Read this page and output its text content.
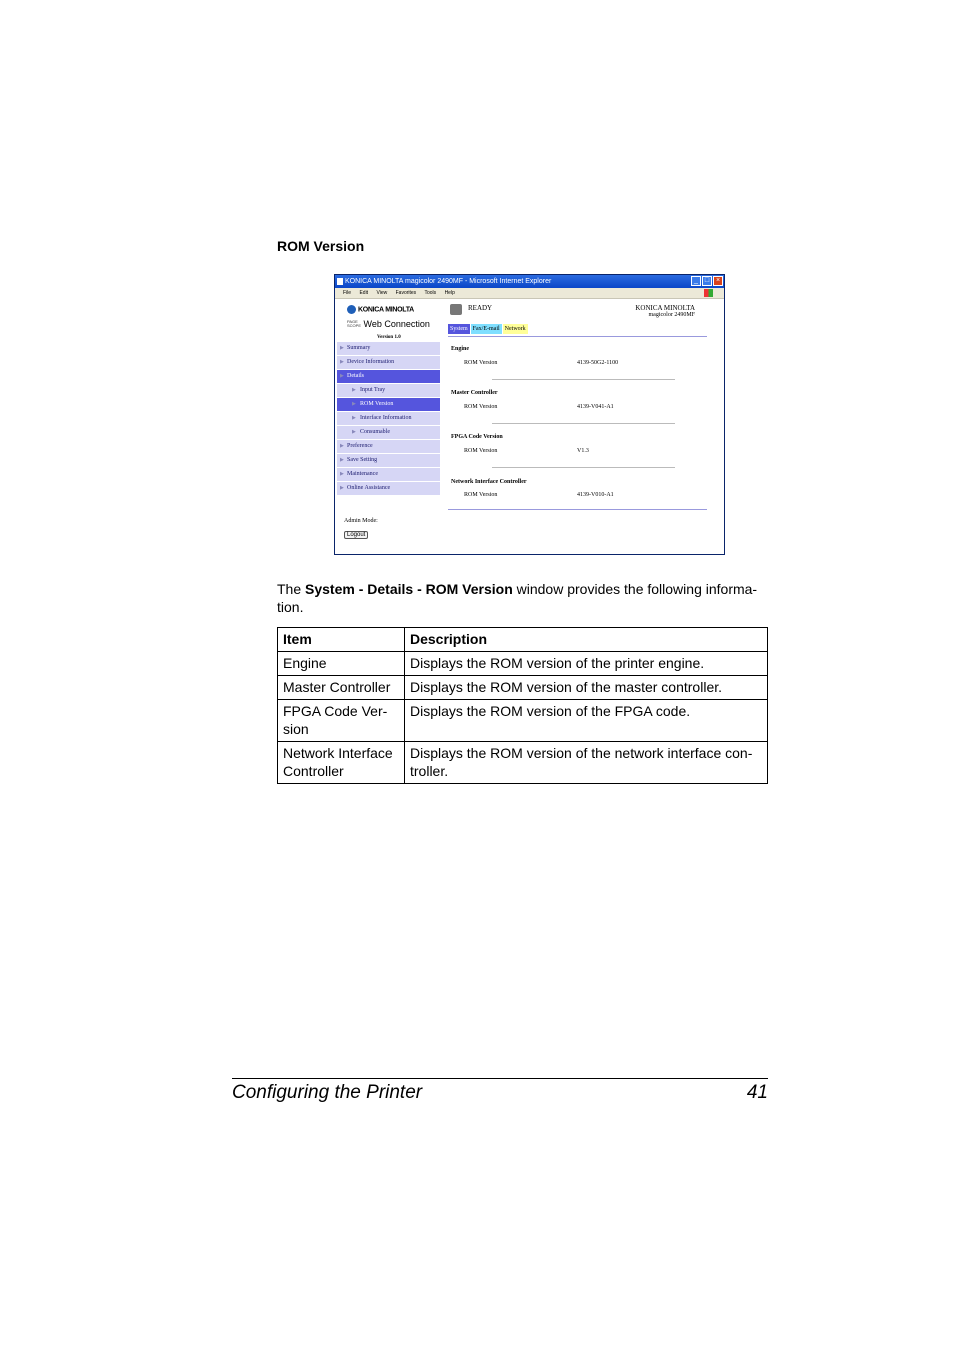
ROM Version
KONICA MINOLTA magicolor 2490MF - Microsoft Internet Explorer	_ □ ×
File Edit View Favorites Tools Help
KONICA MINOLTA
PAGE SCOPE Web Connection
Version 1.0
▶ Summary
▶ Device Information
▶ Details
▶ Input Tray
▶ ROM Version
▶ Interface Information
▶ Consumable
▶ Preference
▶ Save Setting
▶ Maintenance
▶ Online Assistance
Admin Mode:
Logout
READY	KONICA MINOLTA
magicolor 2490MF
System Fax/E-mail Network
Engine
ROM Version	4139-50G2-1100
Master Controller
ROM Version	4139-V041-A1
FPGA Code Version
ROM Version	V1.3
Network Interface Controller
ROM Version	4139-V010-A1
The System - Details - ROM Version window provides the following informa-tion.
Item	Description
Engine	Displays the ROM version of the printer engine.
Master Controller	Displays the ROM version of the master controller.
FPGA Code Ver-sion	Displays the ROM version of the FPGA code.
Network Interface Controller	Displays the ROM version of the network interface con-troller.
Configuring the Printer	41
